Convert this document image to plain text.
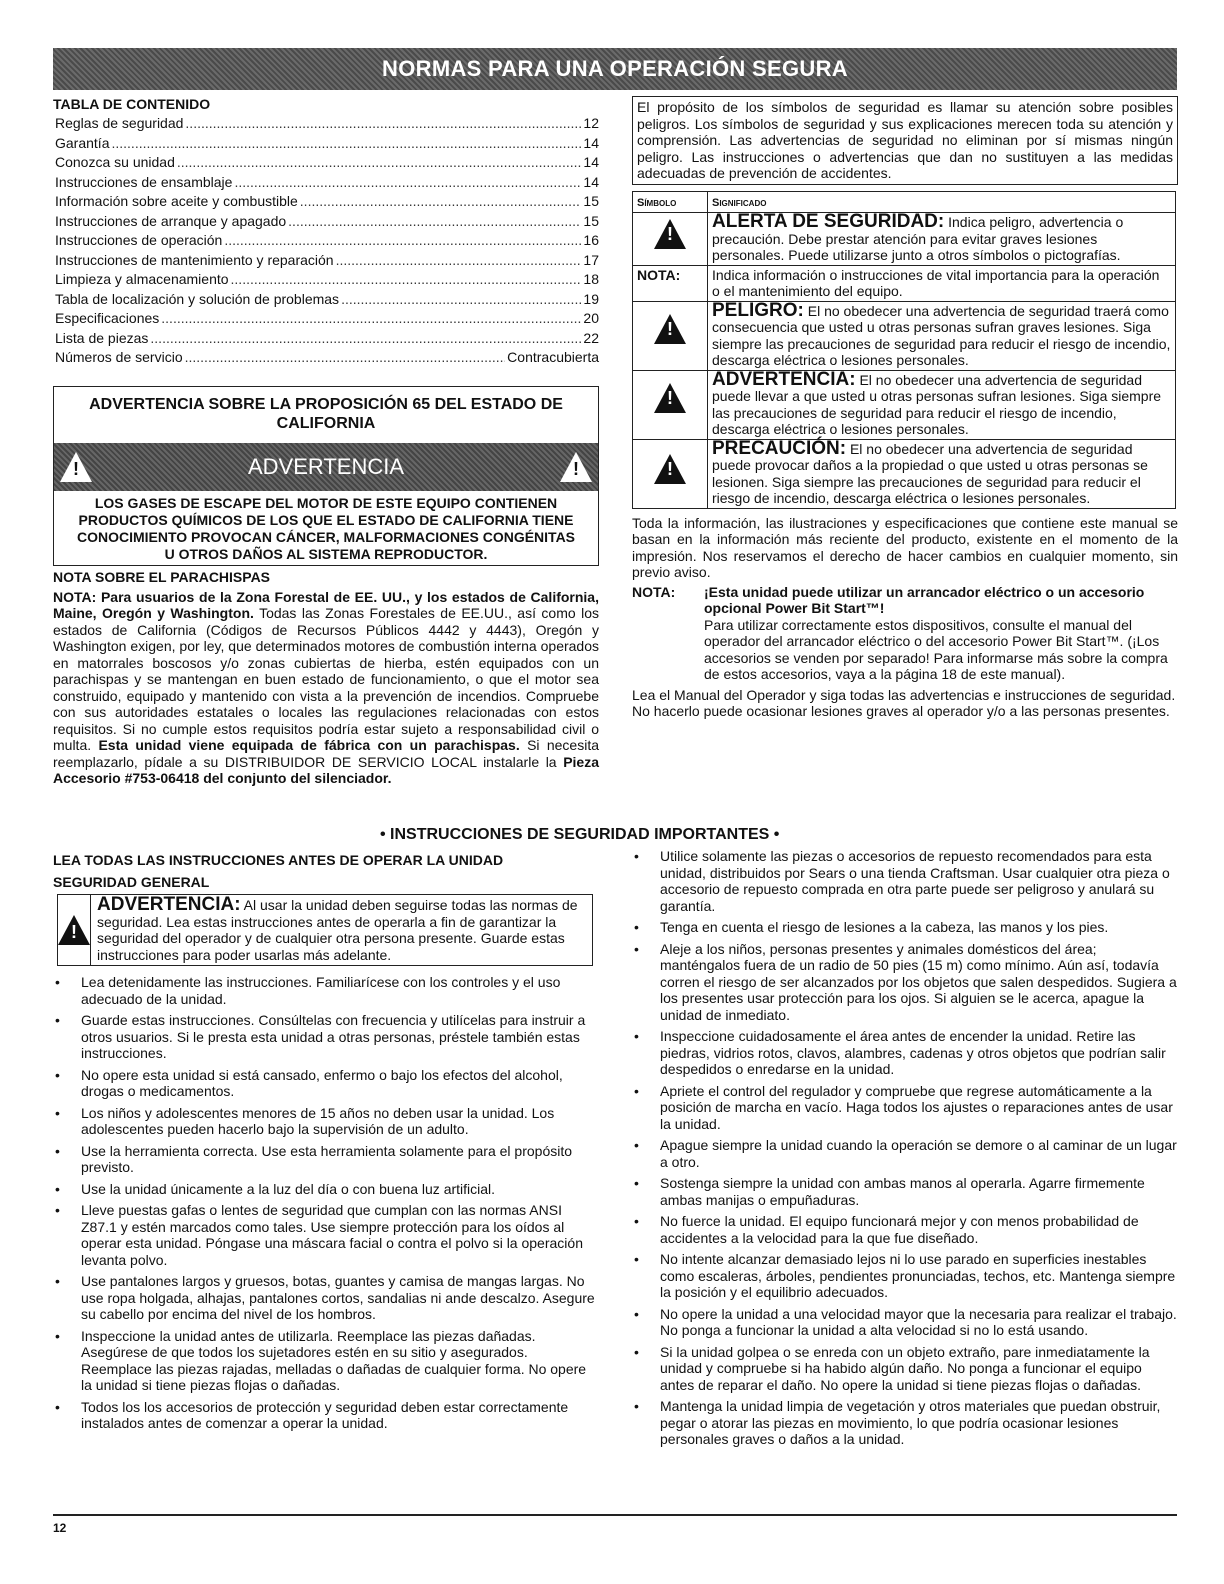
NORMAS PARA UNA OPERACIÓN SEGURA
TABLA DE CONTENIDO
Reglas de seguridad .....	12
Garantía .....	14
Conozca su unidad .....	14
Instrucciones de ensamblaje .....	14
Información sobre aceite y combustible .....	15
Instrucciones de arranque y apagado .....	15
Instrucciones de operación .....	16
Instrucciones de mantenimiento y reparación .....	17
Limpieza y almacenamiento .....	18
Tabla de localización y solución de problemas .....	19
Especificaciones .....	20
Lista de piezas .....	22
Números de servicio .....	Contracubierta
ADVERTENCIA SOBRE LA PROPOSICIÓN 65 DEL ESTADO DE CALIFORNIA
!	ADVERTENCIA	!
LOS GASES DE ESCAPE DEL MOTOR DE ESTE EQUIPO CONTIENEN PRODUCTOS QUÍMICOS DE LOS QUE EL ESTADO DE CALIFORNIA TIENE CONOCIMIENTO PROVOCAN CÁNCER, MALFORMACIONES CONGÉNITAS U OTROS DAÑOS AL SISTEMA REPRODUCTOR.
NOTA SOBRE EL PARACHISPAS
NOTA: Para usuarios de la Zona Forestal de EE. UU., y los estados de California, Maine, Oregón y Washington. Todas las Zonas Forestales de EE.UU., así como los estados de California (Códigos de Recursos Públicos 4442 y 4443), Oregón y Washington exigen, por ley, que determinados motores de combustión interna operados en matorrales boscosos y/o zonas cubiertas de hierba, estén equipados con un parachispas y se mantengan en buen estado de funcionamiento, o que el motor sea construido, equipado y mantenido con vista a la prevención de incendios. Compruebe con sus autoridades estatales o locales las regulaciones relacionadas con estos requisitos. Si no cumple estos requisitos podría estar sujeto a responsabilidad civil o multa. Esta unidad viene equipada de fábrica con un parachispas. Si necesita reemplazarlo, pídale a su DISTRIBUIDOR DE SERVICIO LOCAL instalarle la Pieza Accesorio #753-06418 del conjunto del silenciador.
El propósito de los símbolos de seguridad es llamar su atención sobre posibles peligros. Los símbolos de seguridad y sus explicaciones merecen toda su atención y comprensión. Las advertencias de seguridad no eliminan por sí mismas ningún peligro. Las instrucciones o advertencias que dan no sustituyen a las medidas adecuadas de prevención de accidentes.
Símbolo	Significado

!	ALERTA DE SEGURIDAD: Indica peligro, advertencia o precaución. Debe prestar atención para evitar graves lesiones personales. Puede utilizarse junto a otros símbolos o pictografías.
NOTA:	Indica información o instrucciones de vital importancia para la operación o el mantenimiento del equipo.

!	PELIGRO: El no obedecer una advertencia de seguridad traerá como consecuencia que usted u otras personas sufran graves lesiones. Siga siempre las precauciones de seguridad para reducir el riesgo de incendio, descarga eléctrica o lesiones personales.

!	ADVERTENCIA: El no obedecer una advertencia de seguridad puede llevar a que usted u otras personas sufran lesiones. Siga siempre las precauciones de seguridad para reducir el riesgo de incendio, descarga eléctrica o lesiones personales.

!	PRECAUCIÓN: El no obedecer una advertencia de seguridad puede provocar daños a la propiedad o que usted u otras personas se lesionen. Siga siempre las precauciones de seguridad para reducir el riesgo de incendio, descarga eléctrica o lesiones personales.
Toda la información, las ilustraciones y especificaciones que contiene este manual se basan en la información más reciente del producto, existente en el momento de la impresión. Nos reservamos el derecho de hacer cambios en cualquier momento, sin previo aviso.
NOTA:	¡Esta unidad puede utilizar un arrancador eléctrico o un accesorio opcional Power Bit Start™!
Para utilizar correctamente estos dispositivos, consulte el manual del operador del arrancador eléctrico o del accesorio Power Bit Start™. (¡Los accesorios se venden por separado! Para informarse más sobre la compra de estos accesorios, vaya a la página 18 de este manual).
Lea el Manual del Operador y siga todas las advertencias e instrucciones de seguridad. No hacerlo puede ocasionar lesiones graves al operador y/o a las personas presentes.
• INSTRUCCIONES DE SEGURIDAD IMPORTANTES •
LEA TODAS LAS INSTRUCCIONES ANTES DE OPERAR LA UNIDAD
SEGURIDAD GENERAL
!
ADVERTENCIA: Al usar la unidad deben seguirse todas las normas de seguridad. Lea estas instrucciones antes de operarla a fin de garantizar la seguridad del operador y de cualquier otra persona presente. Guarde estas instrucciones para poder usarlas más adelante.
•	Lea detenidamente las instrucciones. Familiarícese con los controles y el uso adecuado de la unidad.
•	Guarde estas instrucciones. Consúltelas con frecuencia y utilícelas para instruir a otros usuarios. Si le presta esta unidad a otras personas, préstele también estas instrucciones.
•	No opere esta unidad si está cansado, enfermo o bajo los efectos del alcohol, drogas o medicamentos.
•	Los niños y adolescentes menores de 15 años no deben usar la unidad. Los adolescentes pueden hacerlo bajo la supervisión de un adulto.
•	Use la herramienta correcta. Use esta herramienta solamente para el propósito previsto.
•	Use la unidad únicamente a la luz del día o con buena luz artificial.
•	Lleve puestas gafas o lentes de seguridad que cumplan con las normas ANSI Z87.1 y estén marcados como tales. Use siempre protección para los oídos al operar esta unidad. Póngase una máscara facial o contra el polvo si la operación levanta polvo.
•	Use pantalones largos y gruesos, botas, guantes y camisa de mangas largas. No use ropa holgada, alhajas, pantalones cortos, sandalias ni ande descalzo. Asegure su cabello por encima del nivel de los hombros.
•	Inspeccione la unidad antes de utilizarla. Reemplace las piezas dañadas. Asegúrese de que todos los sujetadores estén en su sitio y asegurados. Reemplace las piezas rajadas, melladas o dañadas de cualquier forma. No opere la unidad si tiene piezas flojas o dañadas.
•	Todos los los accesorios de protección y seguridad deben estar correctamente instalados antes de comenzar a operar la unidad.
•	Utilice solamente las piezas o accesorios de repuesto recomendados para esta unidad, distribuidos por Sears o una tienda Craftsman. Usar cualquier otra pieza o accesorio de repuesto comprada en otra parte puede ser peligroso y anulará su garantía.
•	Tenga en cuenta el riesgo de lesiones a la cabeza, las manos y los pies.
•	Aleje a los niños, personas presentes y animales domésticos del área; manténgalos fuera de un radio de 50 pies (15 m) como mínimo. Aún así, todavía corren el riesgo de ser alcanzados por los objetos que salen despedidos. Sugiera a los presentes usar protección para los ojos. Si alguien se le acerca, apague la unidad de inmediato.
•	Inspeccione cuidadosamente el área antes de encender la unidad. Retire las piedras, vidrios rotos, clavos, alambres, cadenas y otros objetos que podrían salir despedidos o enredarse en la unidad.
•	Apriete el control del regulador y compruebe que regrese automáticamente a la posición de marcha en vacío. Haga todos los ajustes o reparaciones antes de usar la unidad.
•	Apague siempre la unidad cuando la operación se demore o al caminar de un lugar a otro.
•	Sostenga siempre la unidad con ambas manos al operarla. Agarre firmemente ambas manijas o empuñaduras.
•	No fuerce la unidad. El equipo funcionará mejor y con menos probabilidad de accidentes a la velocidad para la que fue diseñado.
•	No intente alcanzar demasiado lejos ni lo use parado en superficies inestables como escaleras, árboles, pendientes pronunciadas, techos, etc. Mantenga siempre la posición y el equilibrio adecuados.
•	No opere la unidad a una velocidad mayor que la necesaria para realizar el trabajo. No ponga a funcionar la unidad a alta velocidad si no lo está usando.
•	Si la unidad golpea o se enreda con un objeto extraño, pare inmediatamente la unidad y compruebe si ha habido algún daño. No ponga a funcionar el equipo antes de reparar el daño. No opere la unidad si tiene piezas flojas o dañadas.
•	Mantenga la unidad limpia de vegetación y otros materiales que puedan obstruir, pegar o atorar las piezas en movimiento, lo que podría ocasionar lesiones personales graves o daños a la unidad.
12
